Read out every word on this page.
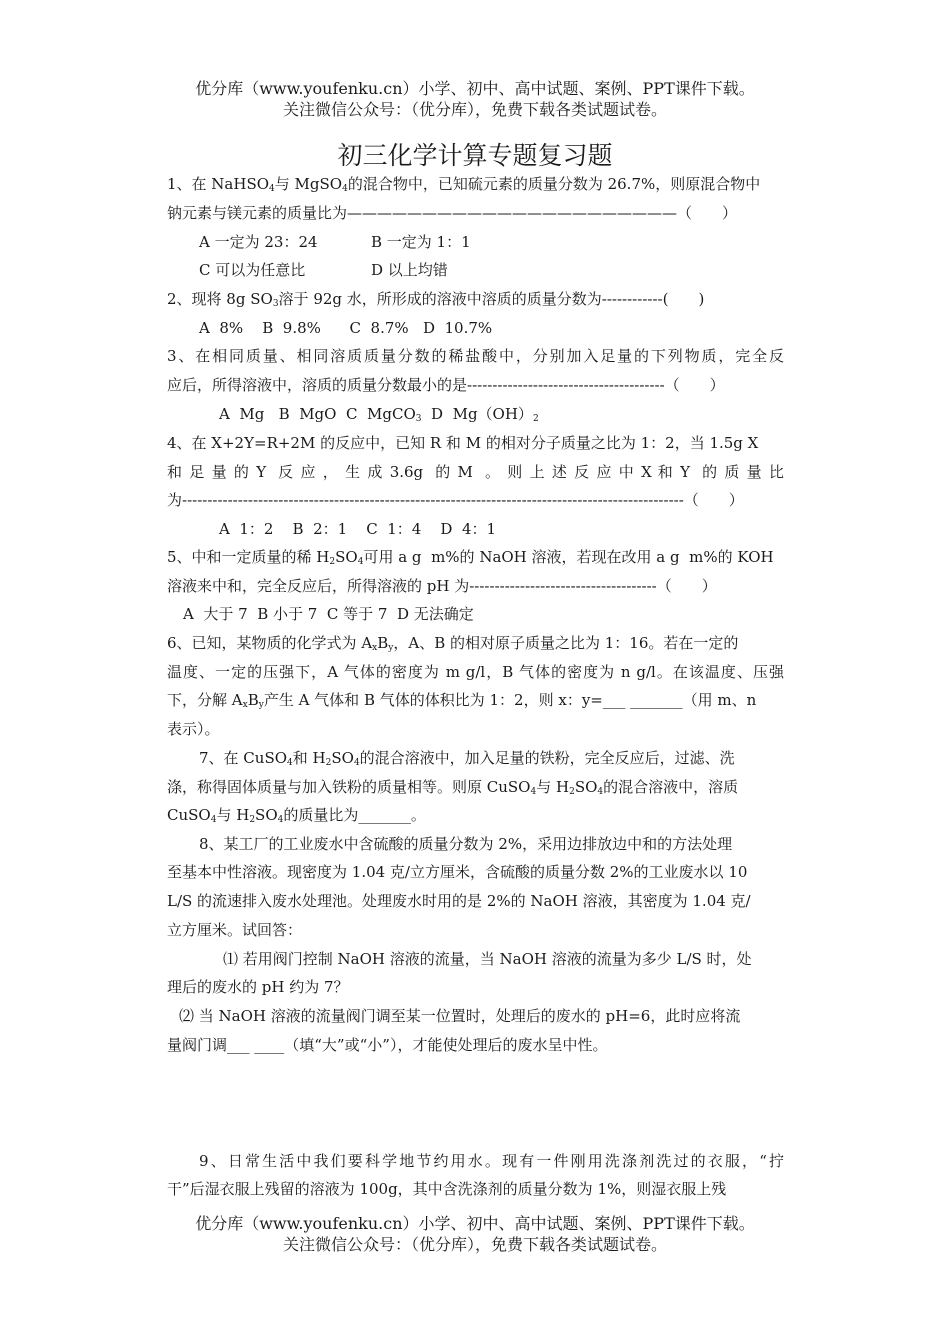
优分库（www.youfenku.cn）小学、初中、高中试题、案例、PPT课件下载。
关注微信公众号：（优分库），免费下载各类试题试卷。
初三化学计算专题复习题
1、在 NaHSO$_4$与 MgSO$_4$的混合物中，已知硫元素的质量分数为 26.7%，则原混合物中
钠元素与镁元素的质量比为——————————————————————（　　）
A 一定为 23：24	B 一定为 1：1
C 可以为任意比	D 以上均错
2、现将 8g $SO_3$溶于 92g 水，所形成的溶液中溶质的质量分数为------------(　　)
A  8%    B  9.8%      C  8.7%   D  10.7%
3、在相同质量、相同溶质质量分数的稀盐酸中，分别加入足量的下列物质，完全反
应后，所得溶液中，溶质的质量分数最小的是---------------------------------------（　　）
A  Mg   B  MgO  C  MgCO$_3$  D  $Mg(OH)_2$
4、在 X+2Y=R+2M 的反应中，已知 R 和 M 的相对分子质量之比为 1：2，当 1.5g X
和 足 量 的 Y  反 应 ， 生 成 3.6g  的 M  。 则 上 述 反 应 中 X 和 Y  的 质 量 比
为---------------------------------------------------------------------------------------------------（　　）
A  1：2    B  2：1    C  1：4    D  4：1
5、中和一定质量的稀 $H_2SO_4$可用 a g  m%的 NaOH 溶液，若现在改用 a g  m%的 KOH
溶液来中和，完全反应后，所得溶液的 pH 为-------------------------------------（　　）
A  大于 7  B 小于 7  C 等于 7  D 无法确定
6、已知，某物质的化学式为 $A_xB_y$，A、B 的相对原子质量之比为 1：16。若在一定的
温度、一定的压强下，A 气体的密度为 m g/l，B 气体的密度为 n g/l。在该温度、压强
下，分解 $A_xB_y$产生 A 气体和 B 气体的体积比为 1：2，则 x：y=___ _______（用 m、n
表示）。
7、在 CuSO$_4$和 $H_2SO_4$的混合溶液中，加入足量的铁粉，完全反应后，过滤、洗
涤，称得固体质量与加入铁粉的质量相等。则原 CuSO$_4$与 $H_2SO_4$的混合溶液中，溶质
CuSO$_4$与 $H_2SO_4$的质量比为_______。
8、某工厂的工业废水中含硫酸的质量分数为 2%，采用边排放边中和的方法处理
至基本中性溶液。现密度为 1.04 克/立方厘米，含硫酸的质量分数 2%的工业废水以 10
L/S 的流速排入废水处理池。处理废水时用的是 2%的 NaOH 溶液，其密度为 1.04 克/
立方厘米。试回答：
⑴ 若用阀门控制 NaOH 溶液的流量，当 NaOH 溶液的流量为多少 L/S 时，处
理后的废水的 pH 约为 7？
⑵ 当 NaOH 溶液的流量阀门调至某一位置时，处理后的废水的 pH=6，此时应将流
量阀门调___ ____（填“大”或“小”），才能使处理后的废水呈中性。
9、日常生活中我们要科学地节约用水。现有一件刚用洗涤剂洗过的衣服，“拧
干”后湿衣服上残留的溶液为 100g，其中含洗涤剂的质量分数为 1%，则湿衣服上残
优分库（www.youfenku.cn）小学、初中、高中试题、案例、PPT课件下载。
关注微信公众号：（优分库），免费下载各类试题试卷。
